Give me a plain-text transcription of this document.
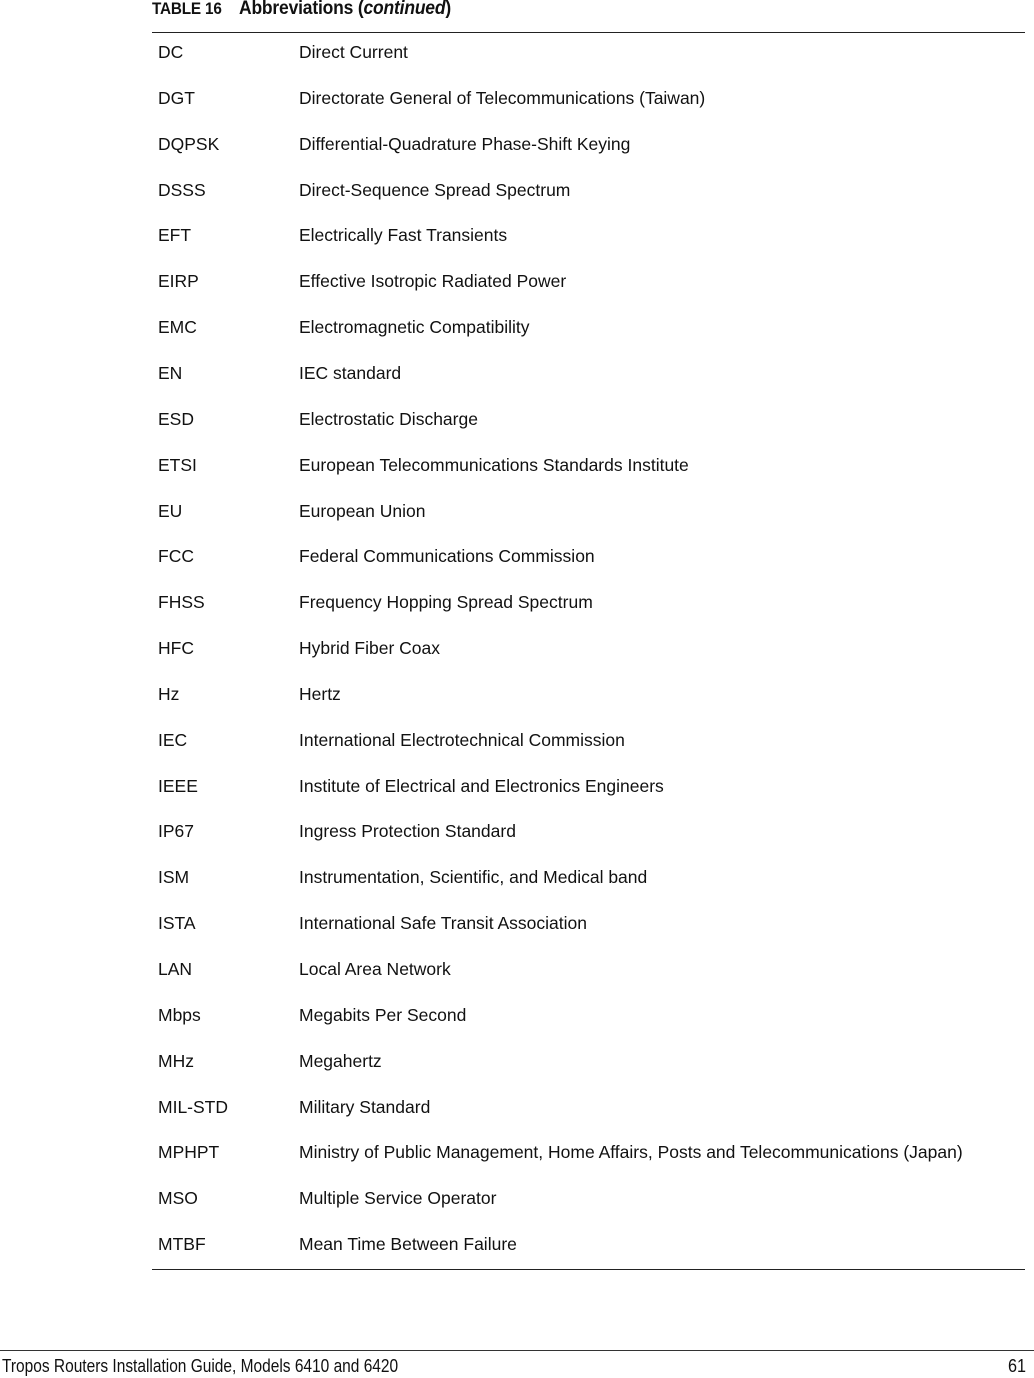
TABLE 16 Abbreviations (continued)
DC	Direct Current
DGT	Directorate General of Telecommunications (Taiwan)
DQPSK	Differential-Quadrature Phase-Shift Keying
DSSS	Direct-Sequence Spread Spectrum
EFT	Electrically Fast Transients
EIRP	Effective Isotropic Radiated Power
EMC	Electromagnetic Compatibility
EN	IEC standard
ESD	Electrostatic Discharge
ETSI	European Telecommunications Standards Institute
EU	European Union
FCC	Federal Communications Commission
FHSS	Frequency Hopping Spread Spectrum
HFC	Hybrid Fiber Coax
Hz	Hertz
IEC	International Electrotechnical Commission
IEEE	Institute of Electrical and Electronics Engineers
IP67	Ingress Protection Standard
ISM	Instrumentation, Scientific, and Medical band
ISTA	International Safe Transit Association
LAN	Local Area Network
Mbps	Megabits Per Second
MHz	Megahertz
MIL-STD	Military Standard
MPHPT	Ministry of Public Management, Home Affairs, Posts and Telecommunications (Japan)
MSO	Multiple Service Operator
MTBF	Mean Time Between Failure
Tropos Routers Installation Guide, Models 6410 and 6420	61
